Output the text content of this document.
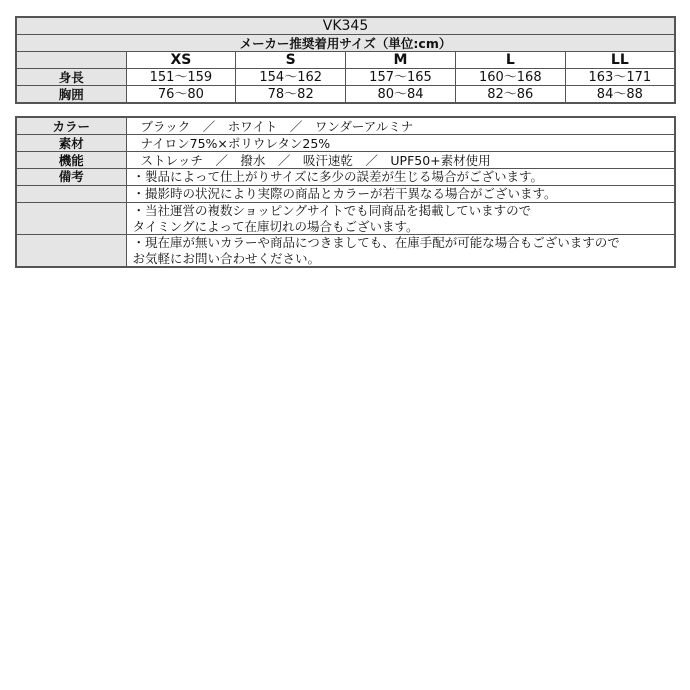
VK345					
メーカー推奨着用サイズ（単位:cm）					
	XS	S	M	L	LL
身長	151～159	154～162	157～165	160～168	163～171
胸囲	76～80	78～82	80～84	82～86	84～88
カラー	ブラック　／　ホワイト　／　ワンダーアルミナ
素材	ナイロン75%×ポリウレタン25%
機能	ストレッチ　／　撥水　／　吸汗速乾　／　UPF50+素材使用
備考	・製品によって仕上がりサイズに多少の誤差が生じる場合がございます。
	・撮影時の状況により実際の商品とカラーが若干異なる場合がございます。
	・当社運営の複数ショッピングサイトでも同商品を掲載していますので
タイミングによって在庫切れの場合もございます。
	・現在庫が無いカラーや商品につきましても、在庫手配が可能な場合もございますので
お気軽にお問い合わせください。
